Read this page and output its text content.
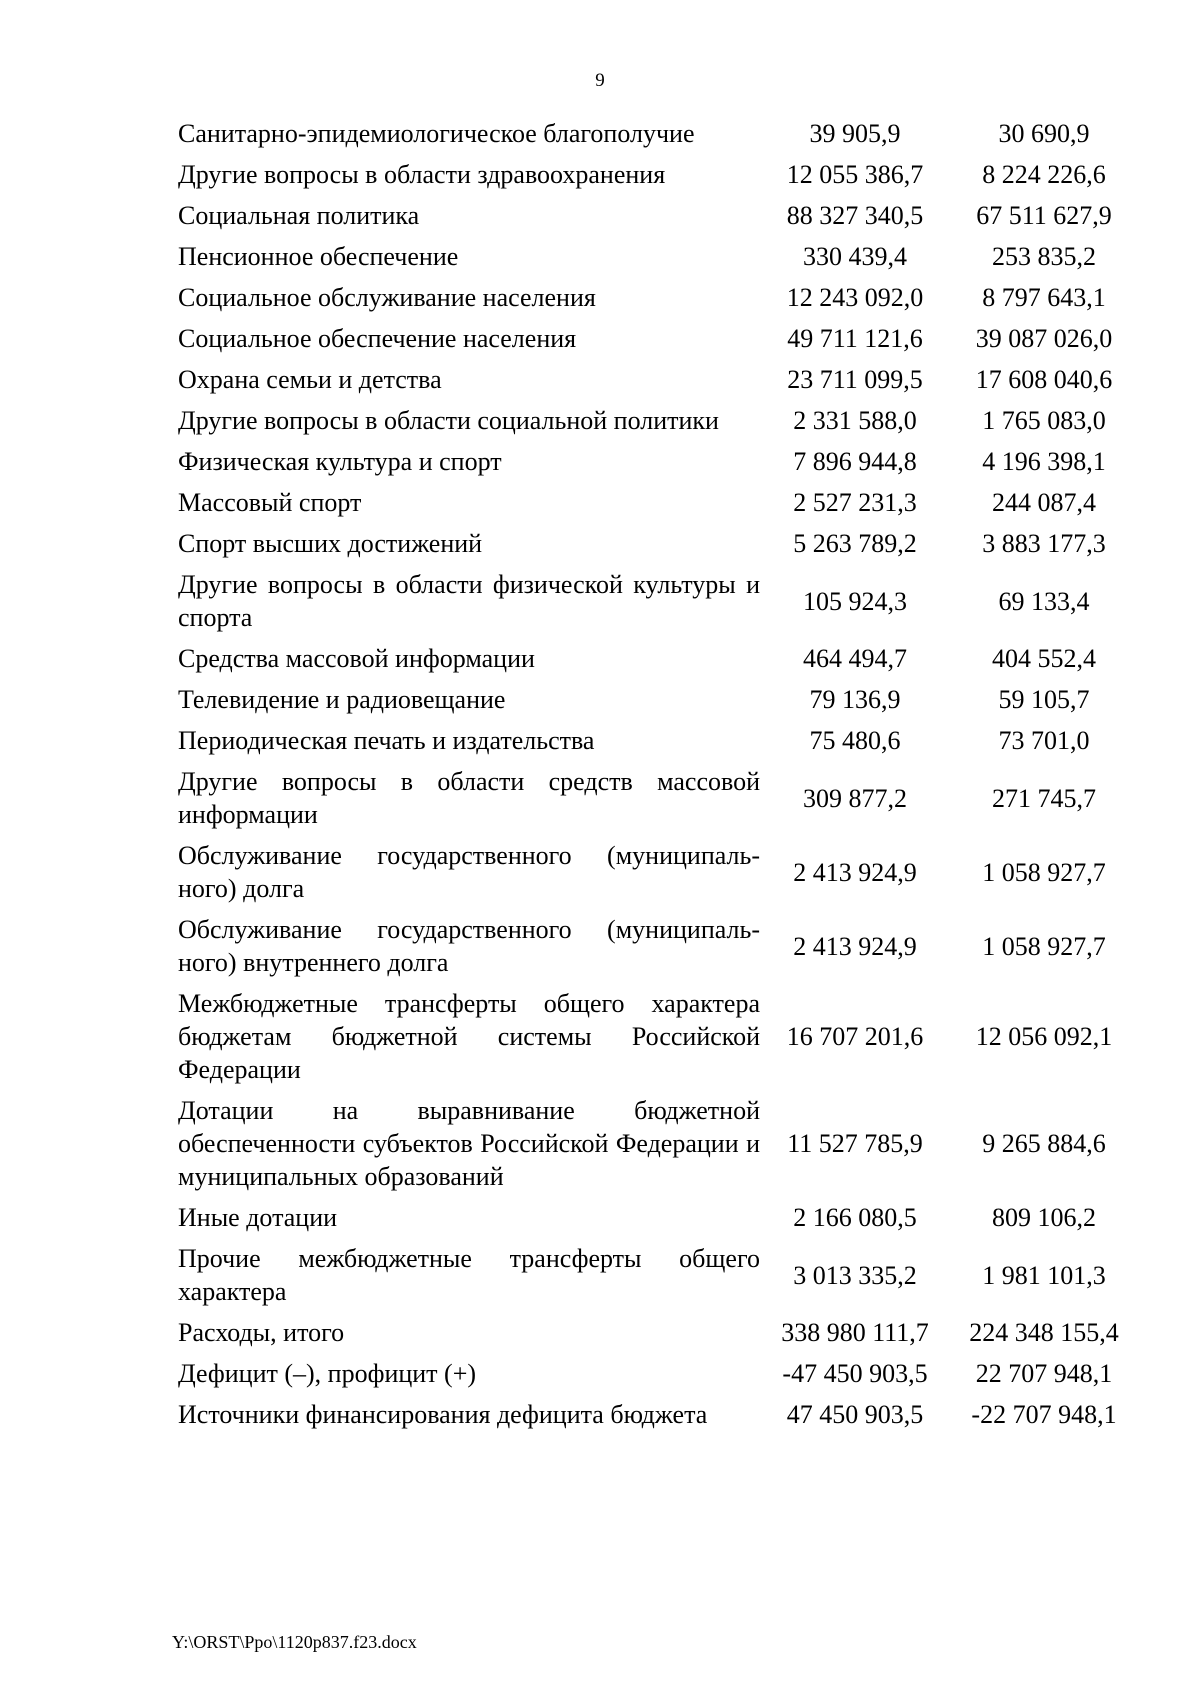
9
Санитарно-эпидемиологическое благополучие	39 905,9	30 690,9
Другие вопросы в области здравоохранения	12 055 386,7	8 224 226,6
Социальная политика	88 327 340,5	67 511 627,9
Пенсионное обеспечение	330 439,4	253 835,2
Социальное обслуживание населения	12 243 092,0	8 797 643,1
Социальное обеспечение населения	49 711 121,6	39 087 026,0
Охрана семьи и детства	23 711 099,5	17 608 040,6
Другие вопросы в области социальной политики	2 331 588,0	1 765 083,0
Физическая культура и спорт	7 896 944,8	4 196 398,1
Массовый спорт	2 527 231,3	244 087,4
Спорт высших достижений	5 263 789,2	3 883 177,3
Другие вопросы в области физической культуры и спорта	105 924,3	69 133,4
Средства массовой информации	464 494,7	404 552,4
Телевидение и радиовещание	79 136,9	59 105,7
Периодическая печать и издательства	75 480,6	73 701,0
Другие вопросы в области средств массовой информации	309 877,2	271 745,7
Обслуживание государственного (муниципаль-ного) долга	2 413 924,9	1 058 927,7
Обслуживание государственного (муниципаль-ного) внутреннего долга	2 413 924,9	1 058 927,7
Межбюджетные трансферты общего характера бюджетам бюджетной системы Российской Федерации	16 707 201,6	12 056 092,1
Дотации на выравнивание бюджетной обеспеченности субъектов Российской Федерации и муниципальных образований	11 527 785,9	9 265 884,6
Иные дотации	2 166 080,5	809 106,2
Прочие межбюджетные трансферты общего характера	3 013 335,2	1 981 101,3
Расходы, итого	338 980 111,7	224 348 155,4
Дефицит (–), профицит (+)	-47 450 903,5	22 707 948,1
Источники финансирования дефицита бюджета	47 450 903,5	-22 707 948,1
Y:\ORST\Ppo\1120p837.f23.docx
